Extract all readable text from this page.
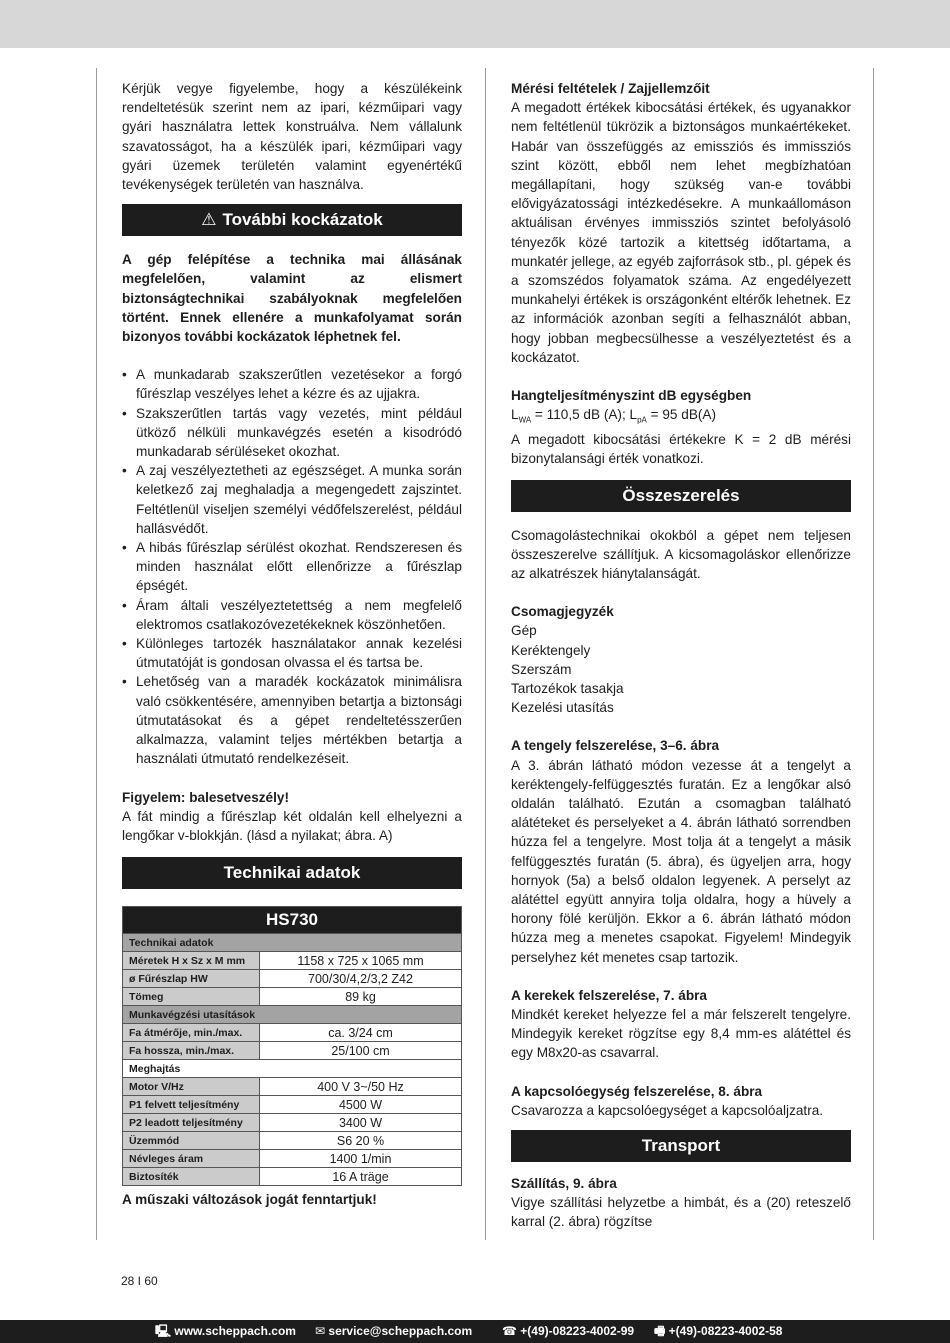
Kérjük vegye figyelembe, hogy a készülékeink rendeltetésük szerint nem az ipari, kézműipari vagy gyári használatra lettek konstruálva. Nem vállalunk szavatosságot, ha a készülék ipari, kézműipari vagy gyári üzemek területén valamint egyenértékű tevékenységek területén van használva.

⚠ További kockázatok

A gép felépítése a technika mai állásának megfelelően, valamint az elismert biztonságtechnikai szabályoknak megfelelően történt. Ennek ellenére a munkafolyamat során bizonyos további kockázatok léphetnek fel.

• A munkadarab szakszerűtlen vezetésekor a forgó fűrészlap veszélyes lehet a kézre és az ujjakra.
• Szakszerűtlen tartás vagy vezetés, mint például ütköző nélküli munkavégzés esetén a kisodródó munkadarab sérüléseket okozhat.
• A zaj veszélyeztetheti az egészséget. A munka során keletkező zaj meghaladja a megengedett zajszintet. Feltétlenül viseljen személyi védőfelszerelést, például hallásvédőt.
• A hibás fűrészlap sérülést okozhat. Rendszeresen és minden használat előtt ellenőrizze a fűrészlap épségét.
• Áram általi veszélyeztetettség a nem megfelelő elektromos csatlakozóvezetékeknek köszönhetően.
• Különleges tartozék használatakor annak kezelési útmutatóját is gondosan olvassa el és tartsa be.
• Lehetőség van a maradék kockázatok minimálisra való csökkentésére, amennyiben betartja a biztonsági útmutatásokat és a gépet rendeltetésszerűen alkalmazza, valamint teljes mértékben betartja a használati útmutató rendelkezéseit.

Figyelem: balesetveszély!

A fát mindig a fűrészlap két oldalán kell elhelyezni a lengőkar v-blokkján. (lásd a nyilakat; ábra. A)

Technikai adatok
HS730
Technikai adatok	
Méretek H x Sz x M mm	1158 x 725 x 1065 mm
ø Fűrészlap HW	700/30/4,2/3,2 Z42
Tömeg	89 kg
Munkavégzési utasítások	
Fa átmérője, min./max.	ca. 3/24 cm
Fa hossza, min./max.	25/100 cm
Meghajtás	
Motor V/Hz	400 V 3~/50 Hz
P1 felvett teljesítmény	4500 W
P2 leadott teljesítmény	3400 W
Üzemmód	S6 20 %
Névleges áram	1400 1/min
Biztosíték	16 A träge

A műszaki változások jogát fenntartjuk!

Mérési feltételek / Zajjellemzőit

A megadott értékek kibocsátási értékek, és ugyanakkor nem feltétlenül tükrözik a biztonságos munkaértékeket. Habár van összefüggés az emissziós és immissziós szint között, ebből nem lehet megbízhatóan megállapítani, hogy szükség van-e további elővigyázatossági intézkedésekre. A munkaállomáson aktuálisan érvényes immissziós szintet befolyásoló tényezők közé tartozik a kitettség időtartama, a munkatér jellege, az egyéb zajforrások stb., pl. gépek és a szomszédos folyamatok száma. Az engedélyezett munkahelyi értékek is országonként eltérők lehetnek. Ez az információk azonban segíti a felhasználót abban, hogy jobban megbecsülhesse a veszélyeztetést és a kockázatot.

Hangteljesítményszint dB egységben

$L_{WA} = 110,5$ dB (A); $L_{pA} = 95$ dB(A)

A megadott kibocsátási értékekre K = 2 dB mérési bizonytalansági érték vonatkozi.

Összeszerelés

Csomagolástechnikai okokból a gépet nem teljesen összeszerelve szállítjuk. A kicsomagoláskor ellenőrizze az alkatrészek hiánytalanságát.

Csomagjegyzék

Gép

Keréktengely

Szerszám

Tartozékok tasakja

Kezelési utasítás

A tengely felszerelése, 3–6. ábra

A 3. ábrán látható módon vezesse át a tengelyt a keréktengely-felfüggesztés furatán. Ez a lengőkar alsó oldalán található. Ezután a csomagban található alátéteket és perselyeket a 4. ábrán látható sorrendben húzza fel a tengelyre. Most tolja át a tengelyt a másik felfüggesztés furatán (5. ábra), és ügyeljen arra, hogy hornyok (5a) a belső oldalon legyenek. A perselyt az alátéttel együtt annyira tolja oldalra, hogy a hüvely a horony fölé kerüljön. Ekkor a 6. ábrán látható módon húzza meg a menetes csapokat. Figyelem! Mindegyik perselyhez két menetes csap tartozik.

A kerekek felszerelése, 7. ábra

Mindkét kereket helyezze fel a már felszerelt tengelyre. Mindegyik kereket rögzítse egy 8,4 mm-es alátéttel és egy M8x20-as csavarral.

A kapcsolóegység felszerelése, 8. ábra

Csavarozza a kapcsolóegységet a kapcsolóaljzatra.

Transport

Szállítás, 9. ábra

Vigye szállítási helyzetbe a himbát, és a (20) reteszelő karral (2. ábra) rögzítse

28 I 60
🖳 www.scheppach.com ✉ service@scheppach.com ☎ +(49)-08223-4002-99 🖷 +(49)-08223-4002-58
